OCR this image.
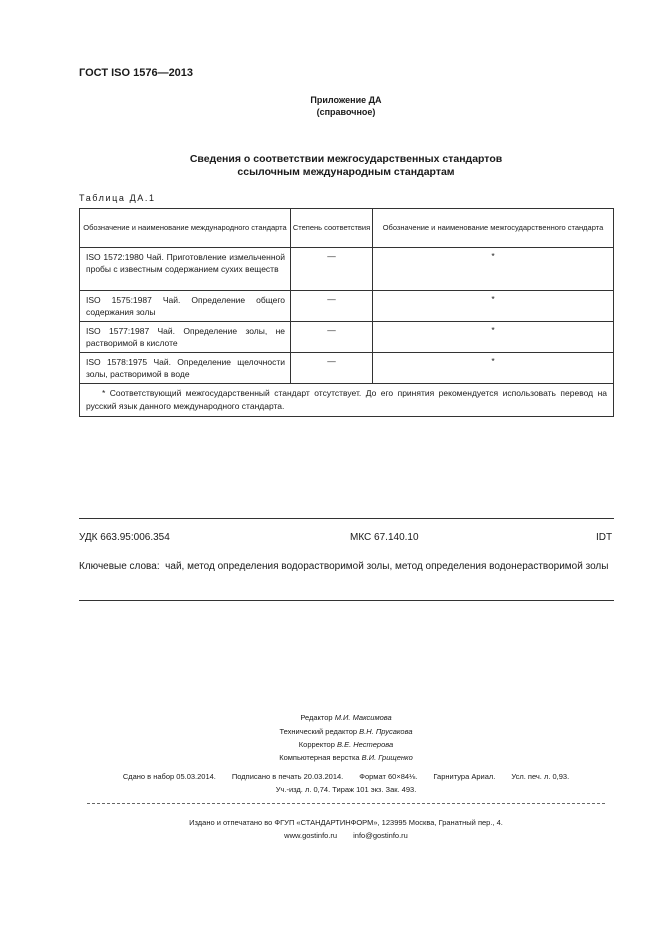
ГОСТ ISO 1576—2013
Приложение ДА
(справочное)
Сведения о соответствии межгосударственных стандартов
ссылочным международным стандартам
Таблица ДА.1
Обозначение и наименование международного стандарта	Степень соответствия	Обозначение и наименование межгосударственного стандарта
ISO 1572:1980 Чай. Приготовление измельченной пробы с известным содержанием сухих веществ	—	*
ISO 1575:1987 Чай. Определение общего содержания золы	—	*
ISO 1577:1987 Чай. Определение золы, не растворимой в кислоте	—	*
ISO 1578:1975 Чай. Определение щелочности золы, растворимой в воде	—	*
* Соответствующий межгосударственный стандарт отсутствует. До его принятия рекомендуется использовать перевод на русский язык данного международного стандарта.		
УДК 663.95:006.354	МКС 67.140.10	IDT
Ключевые слова: чай, метод определения водорастворимой золы, метод определения водонерастворимой золы
Редактор М.И. Максимова
Технический редактор В.Н. Прусакова
Корректор В.Е. Нестерова
Компьютерная верстка В.И. Грищенко
Сдано в набор 05.03.2014. Подписано в печать 20.03.2014. Формат 60×84⅛. Гарнитура Ариал. Усл. печ. л. 0,93.
Уч.-изд. л. 0,74. Тираж 101 экз. Зак. 493.
Издано и отпечатано во ФГУП «СТАНДАРТИНФОРМ», 123995 Москва, Гранатный пер., 4.
www.gostinfo.ru info@gostinfo.ru
